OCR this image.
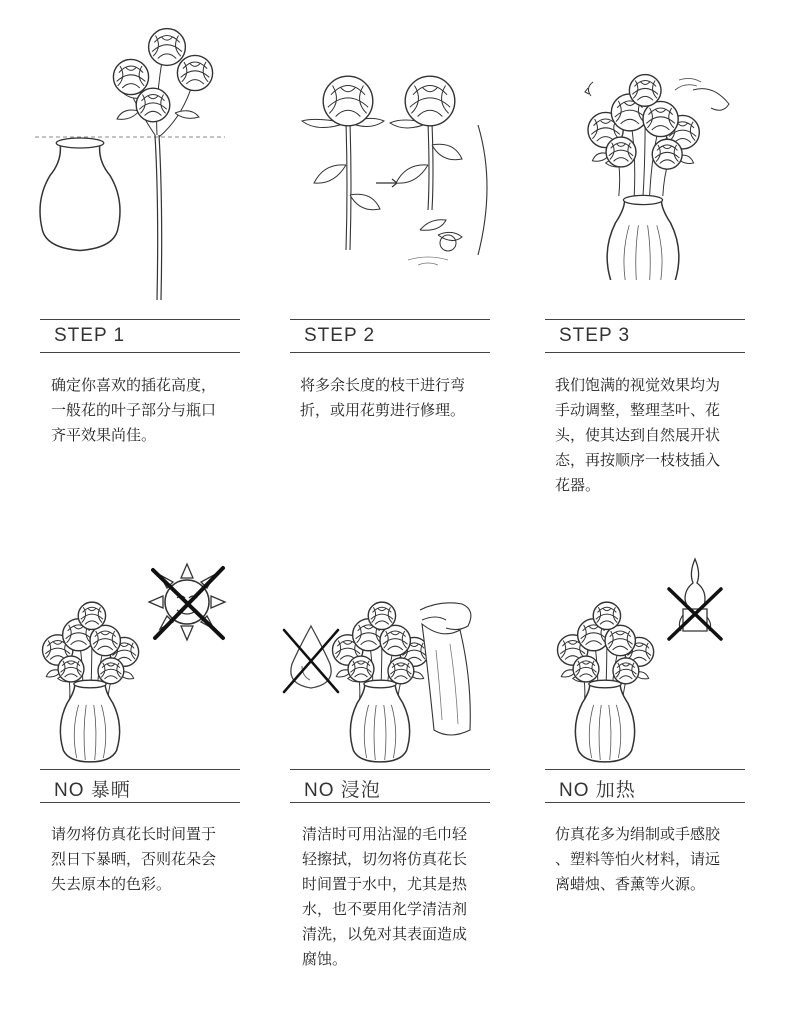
STEP 1
确定你喜欢的插花高度，
一般花的叶子部分与瓶口
齐平效果尚佳。
STEP 2
将多余长度的枝干进行弯
折，或用花剪进行修理。
STEP 3
我们饱满的视觉效果均为
手动调整，整理茎叶、花
头，使其达到自然展开状
态，再按顺序一枝枝插入
花器。
NO 暴晒
请勿将仿真花长时间置于
烈日下暴晒，否则花朵会
失去原本的色彩。
NO 浸泡
清洁时可用沾湿的毛巾轻
轻擦拭，切勿将仿真花长
时间置于水中，尤其是热
水，也不要用化学清洁剂
清洗，以免对其表面造成
腐蚀。
NO 加热
仿真花多为绢制或手感胶
、塑料等怕火材料，请远
离蜡烛、香薰等火源。
